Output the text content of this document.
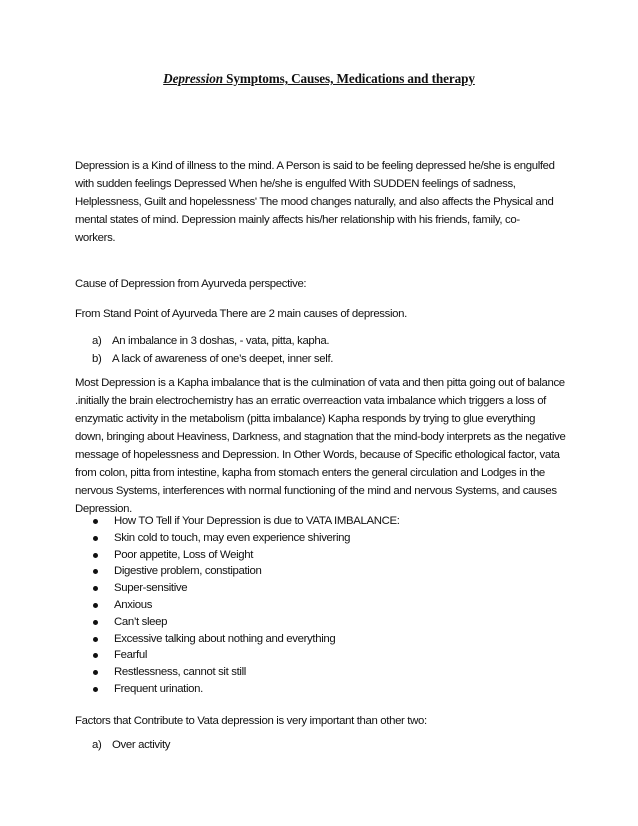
Depression Symptoms, Causes, Medications and therapy
Depression is a Kind of illness to the mind. A Person is said to be feeling depressed he/she is engulfed
with sudden feelings Depressed When he/she is engulfed With SUDDEN feelings of sadness,
Helplessness, Guilt and hopelessness' The mood changes naturally, and also affects the Physical and
mental states of mind. Depression mainly affects his/her relationship with his friends, family, co-
workers.
Cause of Depression from Ayurveda perspective:
From Stand Point of Ayurveda There are 2 main causes of depression.
a) An imbalance in 3 doshas, - vata, pitta, kapha.
b) A lack of awareness of one’s deepet, inner self.
Most Depression is a Kapha imbalance that is the culmination of vata and then pitta going out of balance
.initially the brain electrochemistry has an erratic overreaction vata imbalance which triggers a loss of
enzymatic activity in the metabolism (pitta imbalance) Kapha responds by trying to glue everything
down, bringing about Heaviness, Darkness, and stagnation that the mind-body interprets as the negative
message of hopelessness and Depression. In Other Words, because of Specific ethological factor, vata
from colon, pitta from intestine, kapha from stomach enters the general circulation and Lodges in the
nervous Systems, interferences with normal functioning of the mind and nervous Systems, and causes
Depression.
How TO Tell if Your Depression is due to VATA IMBALANCE:
Skin cold to touch, may even experience shivering
Poor appetite, Loss of Weight
Digestive problem, constipation
Super-sensitive
Anxious
Can’t sleep
Excessive talking about nothing and everything
Fearful
Restlessness, cannot sit still
Frequent urination.
Factors that Contribute to Vata depression is very important than other two:
a) Over activity
